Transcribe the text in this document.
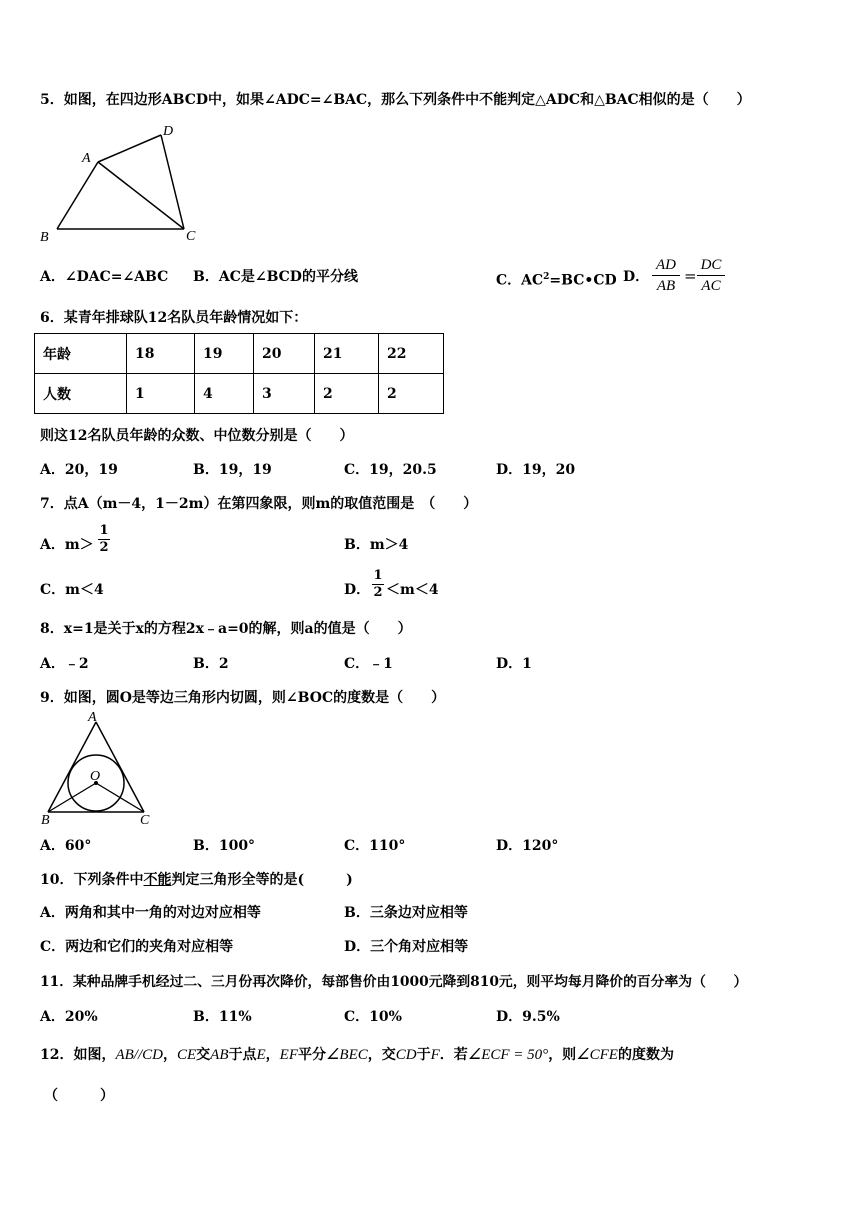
5．如图，在四边形ABCD中，如果∠ADC=∠BAC，那么下列条件中不能判定△ADC和△BAC相似的是（　　）
A
D
B	C
A．∠DAC=∠ABC B．AC是∠BCD的平分线	C．$AC^2=BC•CD$ D．
AD
AB
=
DC
AC
6．某青年排球队12名队员年龄情况如下：
年龄	18	19	20	21	22
人数	1	4	3	2	2
则这12名队员年龄的众数、中位数分别是（　　）
A．20，19	B．19，19	C．19，20.5	D．19，20
7．点A（m－4，1－2m）在第四象限，则m的取值范围是　（　　）
A．m＞
1
2	B．m＞4
C．m＜4	D．
1
2 ＜m＜4
8．x=1是关于x的方程2x﹣a=0的解，则a的值是（　　）
A．﹣2	B．2	C．﹣1	D．1
9．如图，圆O是等边三角形内切圆，则∠BOC的度数是（　　）
A
O
B	C
A．60°	B．100°	C．110°	D．120°
10．下列条件中不能判定三角形全等的是(　　　)
A．两角和其中一角的对边对应相等	B．三条边对应相等
C．两边和它们的夹角对应相等	D．三个角对应相等
11．某种品牌手机经过二、三月份再次降价，每部售价由1000元降到810元，则平均每月降价的百分率为（　　）
A．20%	B．11%	C．10%	D．9.5%
12．如图，AB//CD，CE交AB于点E，EF平分∠BEC，交CD于F．若∠ECF = 50°，则∠CFE的度数为
（　　　）
